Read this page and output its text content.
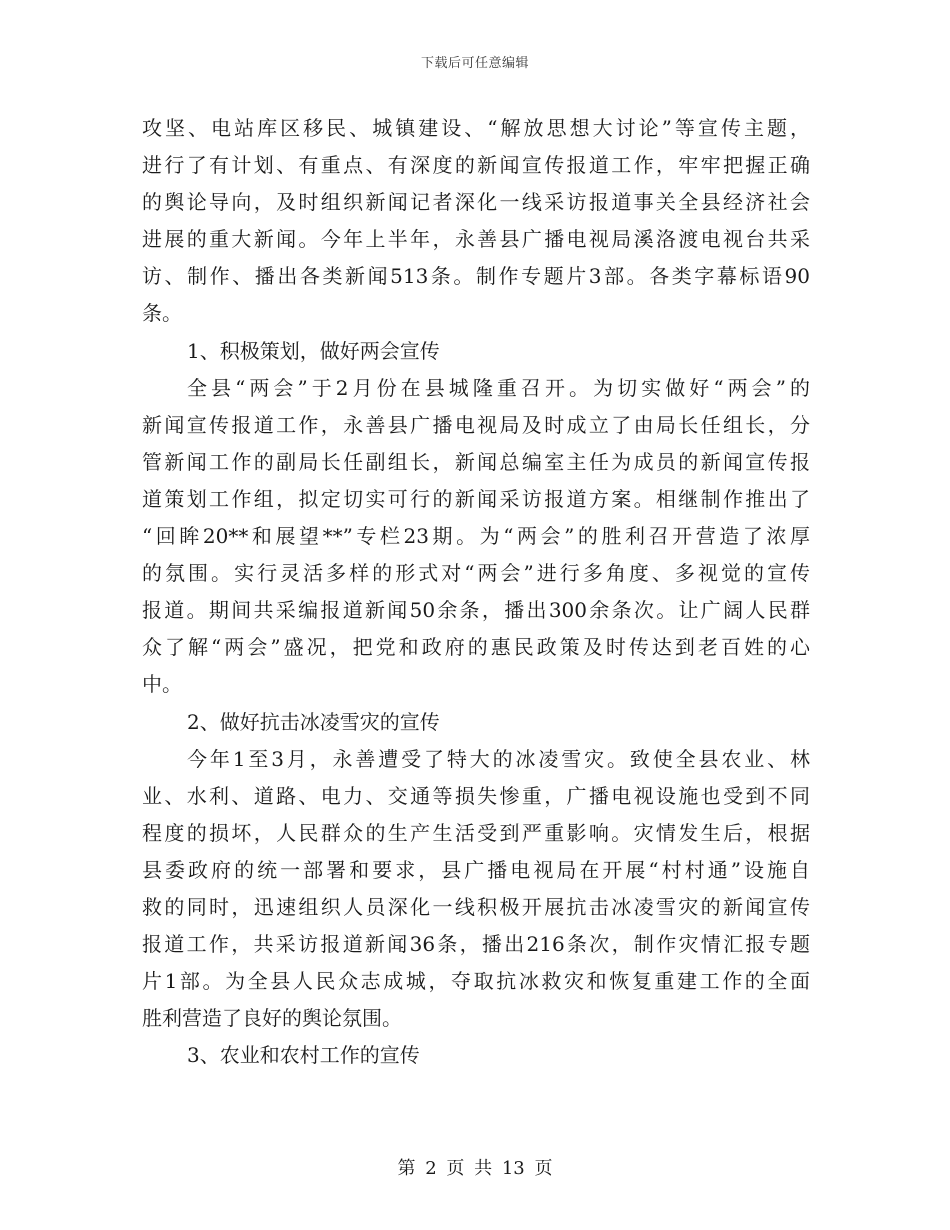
下载后可任意编辑
攻坚、电站库区移民、城镇建设、“解放思想大讨论”等宣传主题，
进行了有计划、有重点、有深度的新闻宣传报道工作，牢牢把握正确
的舆论导向，及时组织新闻记者深化一线采访报道事关全县经济社会
进展的重大新闻。今年上半年，永善县广播电视局溪洛渡电视台共采
访、制作、播出各类新闻513条。制作专题片3部。各类字幕标语90
条。
1、积极策划，做好两会宣传
全县“两会”于2月份在县城隆重召开。为切实做好“两会”的
新闻宣传报道工作，永善县广播电视局及时成立了由局长任组长，分
管新闻工作的副局长任副组长，新闻总编室主任为成员的新闻宣传报
道策划工作组，拟定切实可行的新闻采访报道方案。相继制作推出了
“回眸20**和展望**”专栏23期。为“两会”的胜利召开营造了浓厚
的氛围。实行灵活多样的形式对“两会”进行多角度、多视觉的宣传
报道。期间共采编报道新闻50余条，播出300余条次。让广阔人民群
众了解“两会”盛况，把党和政府的惠民政策及时传达到老百姓的心
中。
2、做好抗击冰凌雪灾的宣传
今年1至3月，永善遭受了特大的冰凌雪灾。致使全县农业、林
业、水利、道路、电力、交通等损失惨重，广播电视设施也受到不同
程度的损坏，人民群众的生产生活受到严重影响。灾情发生后，根据
县委政府的统一部署和要求，县广播电视局在开展“村村通”设施自
救的同时，迅速组织人员深化一线积极开展抗击冰凌雪灾的新闻宣传
报道工作，共采访报道新闻36条，播出216条次，制作灾情汇报专题
片1部。为全县人民众志成城，夺取抗冰救灾和恢复重建工作的全面
胜利营造了良好的舆论氛围。
3、农业和农村工作的宣传
第 2 页 共 13 页
